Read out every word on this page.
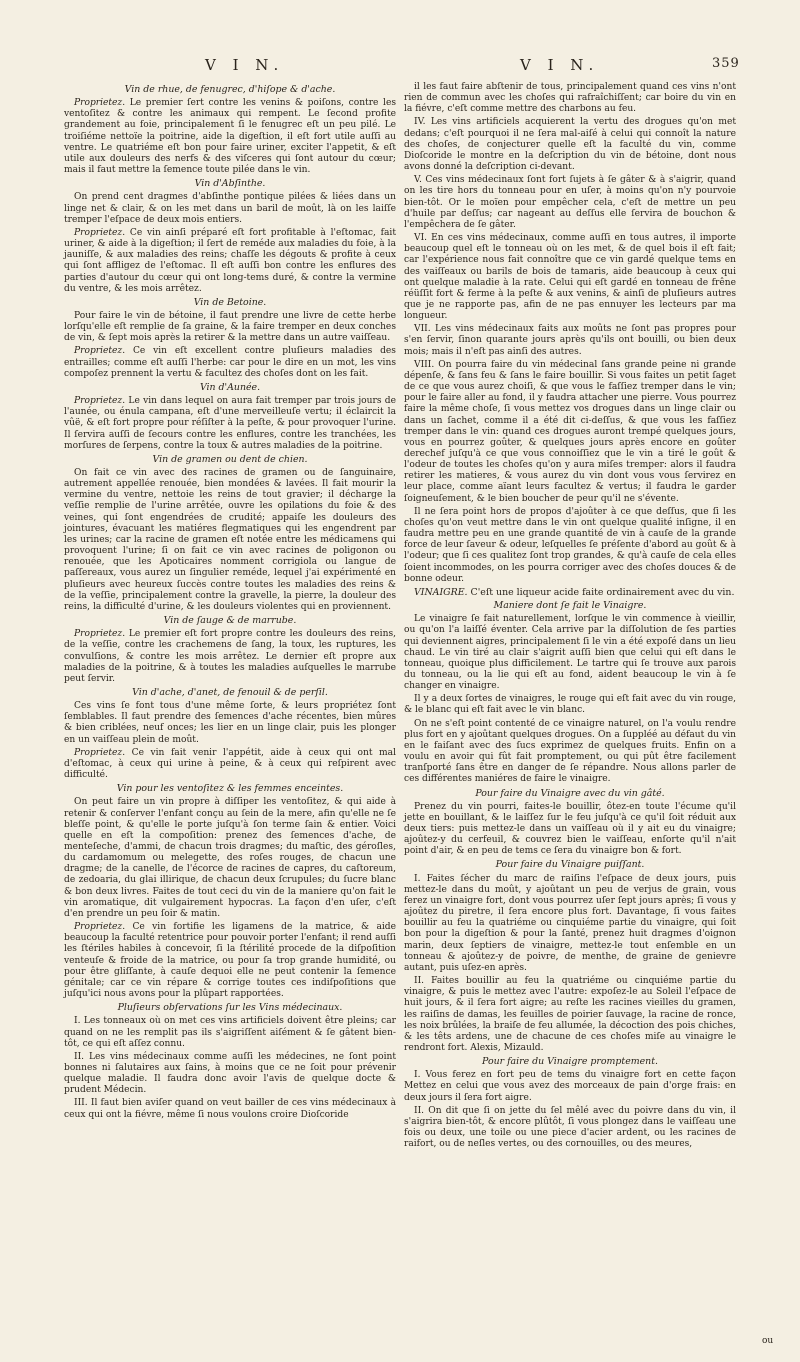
V I N.	V I N.	359
Vin de rhue, de fenugrec, d'hiſope & d'ache.

Proprietez. Le premier ſert contre les venins & poiſons, contre les ventoſitez & contre les animaux qui rempent. Le ſecond profite grandement au foie, principalement ſi le fenugrec eſt un peu pilé. Le troiſiéme nettoïe la poitrine, aide la digeſtion, il eſt fort utile auſſi au ventre. Le quatriéme eſt bon pour faire uriner, exciter l'appetit, & eſt utile aux douleurs des nerfs & des viſceres qui ſont autour du cœur; mais il faut mettre la ſemence toute pilée dans le vin.

Vin d'Abſinthe.

On prend cent dragmes d'abſinthe pontique pilées & liées dans un linge net & clair, & on les met dans un baril de moût, là on les laiſſe tremper l'eſpace de deux mois entiers.

Proprietez. Ce vin ainſi préparé eſt fort profitable à l'eſtomac, fait uriner, & aide à la digeſtion; il ſert de reméde aux maladies du foie, à la jauniſſe, & aux maladies des reins; chaſſe les dégouts & profite à ceux qui ſont affligez de l'eſtomac. Il eſt auſſi bon contre les enflures des parties d'autour du cœur qui ont long-tems duré, & contre la vermine du ventre, & les mois arrêtez.

Vin de Betoine.

Pour faire le vin de bétoine, il faut prendre une livre de cette herbe lorſqu'elle eſt remplie de ſa graine, & la faire tremper en deux conches de vin, & ſept mois après la retirer & la mettre dans un autre vaiſſeau.

Proprietez. Ce vin eſt excellent contre pluſieurs maladies des entrailles; comme eſt auſſi l'herbe: car pour le dire en un mot, les vins compoſez prennent la vertu & facultez des choſes dont on les fait.

Vin d'Aunée.

Proprietez. Le vin dans lequel on aura fait tremper par trois jours de l'aunée, ou énula campana, eſt d'une merveilleuſe vertu; il éclaircit la vûë, & eſt fort propre pour réſiſter à la peſte, & pour provoquer l'urine. Il ſervira auſſi de ſecours contre les enflures, contre les tranchées, les morſures de ſerpens, contre la toux & autres maladies de la poitrine.

Vin de gramen ou dent de chien.

On fait ce vin avec des racines de gramen ou de ſanguinaire, autrement appellée renouée, bien mondées & lavées. Il fait mourir la vermine du ventre, nettoie les reins de tout gravier; il décharge la veſſie remplie de l'urine arrêtée, ouvre les opilations du foie & des veines, qui ſont engendrées de crudité; appaiſe les douleurs des jointures, évacuant les matiéres flegmatiques qui les engendrent par les urines; car la racine de gramen eſt notée entre les médicamens qui provoquent l'urine; ſi on fait ce vin avec racines de poligonon ou renouée, que les Apoticaires nomment corrigiola ou langue de paſſereaux, vous aurez un ſingulier reméde, lequel j'ai expérimenté en pluſieurs avec heureux ſuccès contre toutes les maladies des reins & de la veſſie, principalement contre la gravelle, la pierre, la douleur des reins, la difficulté d'urine, & les douleurs violentes qui en proviennent.

Vin de ſauge & de marrube.

Proprietez. Le premier eſt fort propre contre les douleurs des reins, de la veſſie, contre les crachemens de ſang, la toux, les ruptures, les convulſions, & contre les mois arrêtez. Le dernier eſt propre aux maladies de la poitrine, & à toutes les maladies auſquelles le marrube peut ſervir.

Vin d'ache, d'anet, de fenouil & de perſil.

Ces vins ſe font tous d'une même ſorte, & leurs propriétez ſont ſemblables. Il faut prendre des ſemences d'ache récentes, bien mûres & bien criblées, neuf onces; les lier en un linge clair, puis les plonger en un vaiſſeau plein de moût.

Proprietez. Ce vin fait venir l'appétit, aide à ceux qui ont mal d'eſtomac, à ceux qui urine à peine, & à ceux qui reſpirent avec difficulté.

Vin pour les ventoſitez & les femmes enceintes.

On peut faire un vin propre à diſſiper les ventoſitez, & qui aide à retenir & conſerver l'enfant conçu au ſein de la mere, afin qu'elle ne ſe bleſſe point, & qu'elle le porte juſqu'à ſon terme ſain & entier. Voici quelle en eſt la compoſition: prenez des ſemences d'ache, de menteſeche, d'ammi, de chacun trois dragmes; du maſtic, des géroſles, du cardamomum ou melegette, des roſes rouges, de chacun une dragme; de la canelle, de l'écorce de racines de capres, du caſtoreum, de zedoaria, du glai illirique, de chacun deux ſcrupules; du ſucre blanc & bon deux livres. Faites de tout ceci du vin de la maniere qu'on fait le vin aromatique, dit vulgairement hypocras. La façon d'en uſer, c'eſt d'en prendre un peu ſoir & matin.

Proprietez. Ce vin fortifie les ligamens de la matrice, & aide beaucoup la faculté retentrice pour pouvoir porter l'enfant; il rend auſſi les ſtériles habiles à concevoir, ſi la ſtérilité procede de la diſpoſition venteuſe & froide de la matrice, ou pour ſa trop grande humidité, ou pour être gliſſante, à cauſe dequoi elle ne peut contenir la ſemence génitale; car ce vin répare & corrige toutes ces indiſpoſitions que juſqu'ici nous avons pour la plûpart rapportées.

Pluſieurs obſervations ſur les Vins médecinaux.

I. Les tonneaux où on met ces vins artificiels doivent être pleins; car quand on ne les remplit pas ils s'aigriſſent aiſément & ſe gâtent bien-tôt, ce qui eſt aſſez connu.

II. Les vins médecinaux comme auſſi les médecines, ne ſont point bonnes ni ſalutaires aux ſains, à moins que ce ne ſoit pour prévenir quelque maladie. Il faudra donc avoir l'avis de quelque docte & prudent Médecin.

III. Il faut bien aviſer quand on veut bailler de ces vins médecinaux à ceux qui ont la fiévre, même ſi nous voulons croire Dioſcoride

il les faut faire abſtenir de tous, principalement quand ces vins n'ont rien de commun avec les choſes qui rafraîchiſſent; car boire du vin en la fiévre, c'eſt comme mettre des charbons au feu.

IV. Les vins artificiels acquierent la vertu des drogues qu'on met dedans; c'eſt pourquoi il ne ſera mal-aiſé à celui qui connoît la nature des choſes, de conjecturer quelle eſt la faculté du vin, comme Dioſcoride le montre en la deſcription du vin de bétoine, dont nous avons donné la deſcription ci-devant.

V. Ces vins médecinaux ſont fort ſujets à ſe gâter & à s'aigrir, quand on les tire hors du tonneau pour en uſer, à moins qu'on n'y pourvoie bien-tôt. Or le moïen pour empêcher cela, c'eſt de mettre un peu d'huile par deſſus; car nageant au deſſus elle ſervira de bouchon & l'empêchera de ſe gâter.

VI. En ces vins médecinaux, comme auſſi en tous autres, il importe beaucoup quel eſt le tonneau où on les met, & de quel bois il eſt fait; car l'expérience nous fait connoître que ce vin gardé quelque tems en des vaiſſeaux ou barils de bois de tamaris, aide beaucoup à ceux qui ont quelque maladie à la rate. Celui qui eſt gardé en tonneau de frêne réüſſit fort & ferme à la peſte & aux venins, & ainſi de pluſieurs autres que je ne rapporte pas, afin de ne pas ennuyer les lecteurs par ma longueur.

VII. Les vins médecinaux faits aux moûts ne ſont pas propres pour s'en ſervir, ſinon quarante jours après qu'ils ont bouilli, ou bien deux mois; mais il n'eſt pas ainſi des autres.

VIII. On pourra faire du vin médecinal ſans grande peine ni grande dépenſe, & ſans feu & ſans le faire bouillir. Si vous faites un petit ſaget de ce que vous aurez choiſi, & que vous le faſſiez tremper dans le vin; pour le faire aller au fond, il y faudra attacher une pierre. Vous pourrez faire la même choſe, ſi vous mettez vos drogues dans un linge clair ou dans un ſachet, comme il a été dit ci-deſſus, & que vous les faſſiez tremper dans le vin: quand ces drogues auront trempé quelques jours, vous en pourrez goûter, & quelques jours après encore en goûter derechef juſqu'à ce que vous connoiſſiez que le vin a tiré le goût & l'odeur de toutes les choſes qu'on y aura miſes tremper: alors il faudra retirer les matieres, & vous aurez du vin dont vous vous ſervirez en leur place, comme aïant leurs facultez & vertus; il faudra le garder ſoigneuſement, & le bien boucher de peur qu'il ne s'évente.

Il ne ſera point hors de propos d'ajoûter à ce que deſſus, que ſi les choſes qu'on veut mettre dans le vin ont quelque qualité inſigne, il en faudra mettre peu en une grande quantité de vin à cauſe de la grande force de leur ſaveur & odeur, leſquelles ſe préſente d'abord au goût & à l'odeur; que ſi ces qualitez ſont trop grandes, & qu'à cauſe de cela elles ſoient incommodes, on les pourra corriger avec des choſes douces & de bonne odeur.

VINAIGRE. C'eſt une liqueur acide faite ordinairement avec du vin.

Maniere dont ſe fait le Vinaigre.

Le vinaigre ſe fait naturellement, lorſque le vin commence à vieillir, ou qu'on l'a laiſſé éventer. Cela arrive par la diſſolution de ſes parties qui deviennent aigres, principalement ſi le vin a été expoſé dans un lieu chaud. Le vin tiré au clair s'aigrit auſſi bien que celui qui eſt dans le tonneau, quoique plus difficilement. Le tartre qui ſe trouve aux parois du tonneau, ou la lie qui eſt au fond, aident beaucoup le vin à ſe changer en vinaigre.

Il y a deux ſortes de vinaigres, le rouge qui eſt fait avec du vin rouge, & le blanc qui eſt fait avec le vin blanc.

On ne s'eſt point contenté de ce vinaigre naturel, on l'a voulu rendre plus fort en y ajoûtant quelques drogues. On a ſuppléé au défaut du vin en le faiſant avec des ſucs exprimez de quelques fruits. Enfin on a voulu en avoir qui fût fait promptement, ou qui pût être facilement tranſporté ſans être en danger de ſe répandre. Nous allons parler de ces différentes maniéres de faire le vinaigre.

Pour faire du Vinaigre avec du vin gâté.

Prenez du vin pourri, faites-le bouillir, ôtez-en toute l'écume qu'il jette en bouillant, & le laiſſez ſur le feu juſqu'à ce qu'il ſoit réduit aux deux tiers: puis mettez-le dans un vaiſſeau où il y ait eu du vinaigre; ajoûtez-y du cerfeuil, & couvrez bien le vaiſſeau, enſorte qu'il n'ait point d'air, & en peu de tems ce ſera du vinaigre bon & fort.

Pour faire du Vinaigre puiſſant.

I. Faites ſécher du marc de raiſins l'eſpace de deux jours, puis mettez-le dans du moût, y ajoûtant un peu de verjus de grain, vous ferez un vinaigre fort, dont vous pourrez uſer ſept jours après; ſi vous y ajoûtez du piretre, il ſera encore plus fort. Davantage, ſi vous faites bouillir au feu la quatriéme ou cinquiéme partie du vinaigre, qui ſoit bon pour la digeſtion & pour la ſanté, prenez huit dragmes d'oignon marin, deux ſeptiers de vinaigre, mettez-le tout enſemble en un tonneau & ajoûtez-y de poivre, de menthe, de graine de genievre autant, puis uſez-en après.

II. Faites bouillir au feu la quatriéme ou cinquiéme partie du vinaigre, & puis le mettez avec l'autre: expoſez-le au Soleil l'eſpace de huit jours, & il ſera fort aigre; au reſte les racines vieilles du gramen, les raiſins de damas, les feuilles de poirier ſauvage, la racine de ronce, les noix brûlées, la braiſe de feu allumée, la décoction des pois chiches, & les têts ardens, une de chacune de ces choſes miſe au vinaigre le rendront fort. Alexis, Mizauld.

Pour faire du Vinaigre promptement.

I. Vous ferez en fort peu de tems du vinaigre fort en cette façon Mettez en celui que vous avez des morceaux de pain d'orge frais: en deux jours il ſera fort aigre.

II. On dit que ſi on jette du ſel mêlé avec du poivre dans du vin, il s'aigrira bien-tôt, & encore plûtôt, ſi vous plongez dans le vaiſſeau une fois ou deux, une toile ou une piece d'acier ardent, ou les racines de raifort, ou de neſles vertes, ou des cornouilles, ou des meures,

ou
